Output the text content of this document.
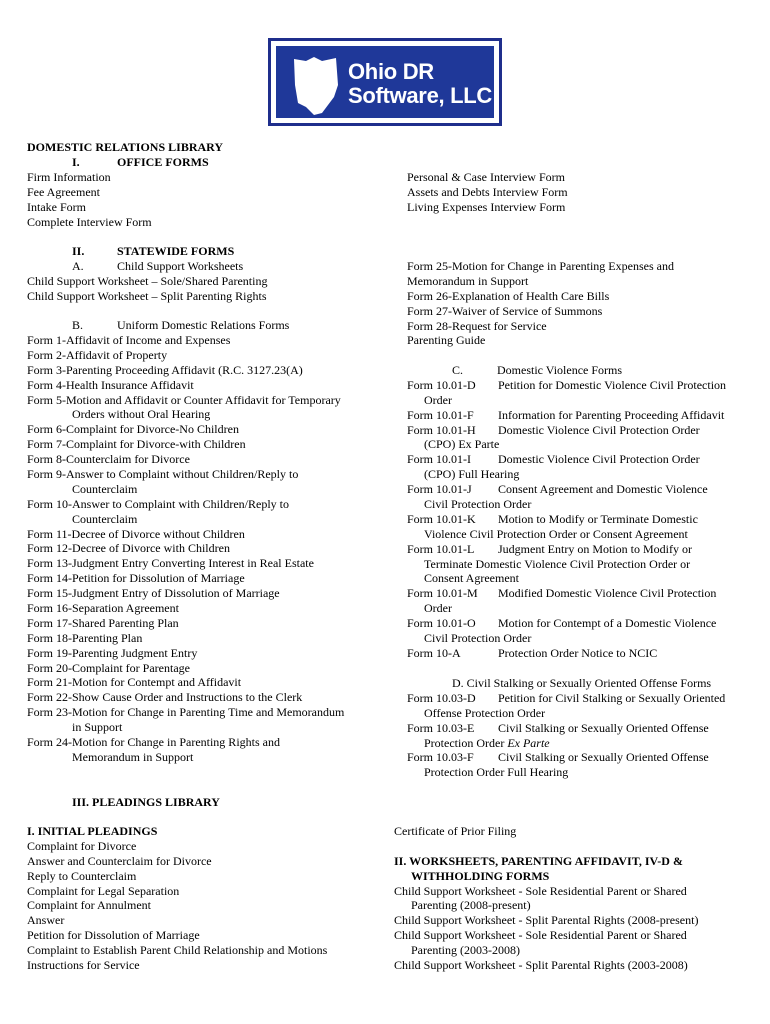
Ohio DR
Software, LLC
DOMESTIC RELATIONS LIBRARY
I.	OFFICE FORMS
Firm Information
Fee Agreement
Intake Form
Complete Interview Form
Personal & Case Interview Form
Assets and Debts Interview Form
Living Expenses Interview Form
II.	STATEWIDE FORMS
A.	Child Support Worksheets
Child Support Worksheet – Sole/Shared Parenting
Child Support Worksheet – Split Parenting Rights
B.	Uniform Domestic Relations Forms
Form 1-Affidavit of Income and Expenses
Form 2-Affidavit of Property
Form 3-Parenting Proceeding Affidavit (R.C. 3127.23(A)
Form 4-Health Insurance Affidavit
Form 5-Motion and Affidavit or Counter Affidavit for Temporary
Orders without Oral Hearing
Form 6-Complaint for Divorce-No Children
Form 7-Complaint for Divorce-with Children
Form 8-Counterclaim for Divorce
Form 9-Answer to Complaint without Children/Reply to
Counterclaim
Form 10-Answer to Complaint with Children/Reply to
Counterclaim
Form 11-Decree of Divorce without Children
Form 12-Decree of Divorce with Children
Form 13-Judgment Entry Converting Interest in Real Estate
Form 14-Petition for Dissolution of Marriage
Form 15-Judgment Entry of Dissolution of Marriage
Form 16-Separation Agreement
Form 17-Shared Parenting Plan
Form 18-Parenting Plan
Form 19-Parenting Judgment Entry
Form 20-Complaint for Parentage
Form 21-Motion for Contempt and Affidavit
Form 22-Show Cause Order and Instructions to the Clerk
Form 23-Motion for Change in Parenting Time and Memorandum
in Support
Form 24-Motion for Change in Parenting Rights and
Memorandum in Support
Form 25-Motion for Change in Parenting Expenses and
Memorandum in Support
Form 26-Explanation of Health Care Bills
Form 27-Waiver of Service of Summons
Form 28-Request for Service
Parenting Guide
C.	Domestic Violence Forms
Form 10.01-D Petition for Domestic Violence Civil Protection
Order
Form 10.01-F Information for Parenting Proceeding Affidavit
Form 10.01-H Domestic Violence Civil Protection Order
(CPO) Ex Parte
Form 10.01-I Domestic Violence Civil Protection Order
(CPO) Full Hearing
Form 10.01-J Consent Agreement and Domestic Violence
Civil Protection Order
Form 10.01-K Motion to Modify or Terminate Domestic
Violence Civil Protection Order or Consent Agreement
Form 10.01-L Judgment Entry on Motion to Modify or
Terminate Domestic Violence Civil Protection Order or
Consent Agreement
Form 10.01-M Modified Domestic Violence Civil Protection
Order
Form 10.01-O Motion for Contempt of a Domestic Violence
Civil Protection Order
Form 10-A	Protection Order Notice to NCIC
D. Civil Stalking or Sexually Oriented Offense Forms
Form 10.03-D Petition for Civil Stalking or Sexually Oriented
Offense Protection Order
Form 10.03-E Civil Stalking or Sexually Oriented Offense
Protection Order Ex Parte
Form 10.03-F Civil Stalking or Sexually Oriented Offense
Protection Order Full Hearing
III. PLEADINGS LIBRARY
I. INITIAL PLEADINGS
Complaint for Divorce
Answer and Counterclaim for Divorce
Reply to Counterclaim
Complaint for Legal Separation
Complaint for Annulment
Answer
Petition for Dissolution of Marriage
Complaint to Establish Parent Child Relationship and Motions
Instructions for Service
Certificate of Prior Filing
II. WORKSHEETS, PARENTING AFFIDAVIT, IV-D &
WITHHOLDING FORMS
Child Support Worksheet - Sole Residential Parent or Shared
Parenting (2008-present)
Child Support Worksheet - Split Parental Rights (2008-present)
Child Support Worksheet - Sole Residential Parent or Shared
Parenting (2003-2008)
Child Support Worksheet - Split Parental Rights (2003-2008)
